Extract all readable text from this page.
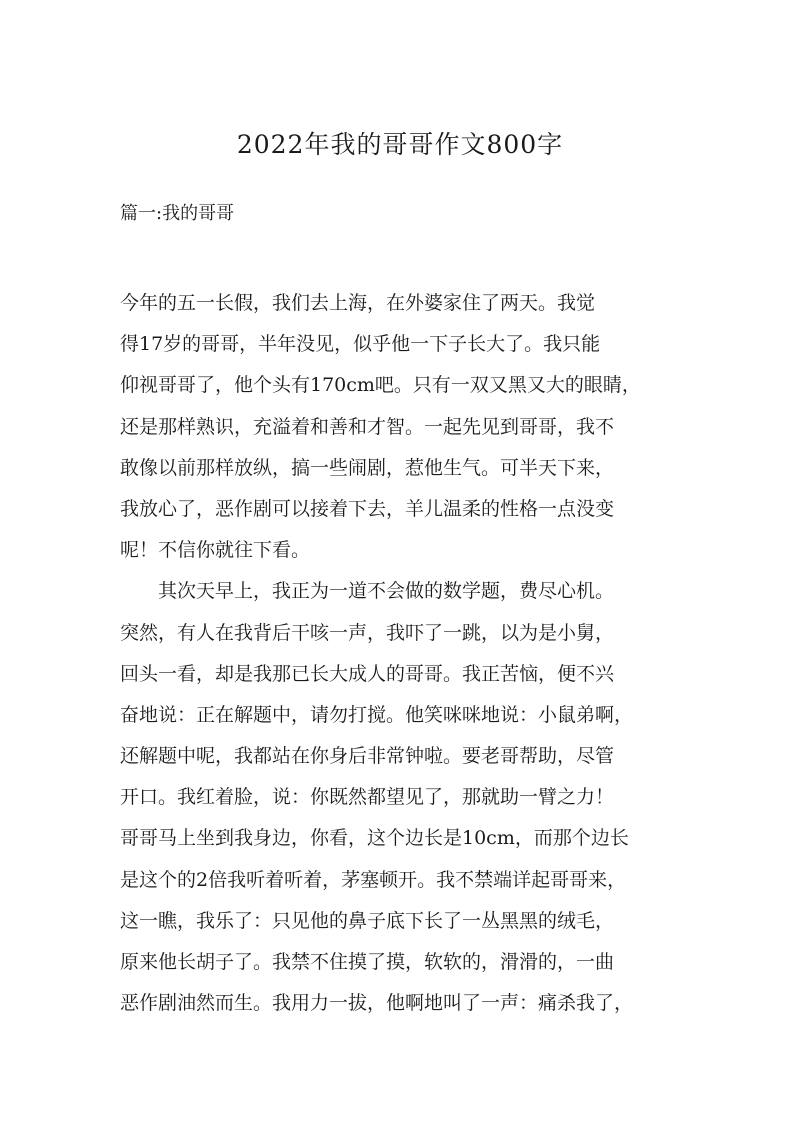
2022年我的哥哥作文800字
篇一:我的哥哥
今年的五一长假，我们去上海，在外婆家住了两天。我觉
得17岁的哥哥，半年没见，似乎他一下子长大了。我只能
仰视哥哥了，他个头有170cm吧。只有一双又黑又大的眼睛，
还是那样熟识，充溢着和善和才智。一起先见到哥哥，我不
敢像以前那样放纵，搞一些闹剧，惹他生气。可半天下来，
我放心了，恶作剧可以接着下去，羊儿温柔的性格一点没变
呢！不信你就往下看。
　　其次天早上，我正为一道不会做的数学题，费尽心机。
突然，有人在我背后干咳一声，我吓了一跳，以为是小舅，
回头一看，却是我那已长大成人的哥哥。我正苦恼，便不兴
奋地说：正在解题中，请勿打搅。他笑咪咪地说：小鼠弟啊，
还解题中呢，我都站在你身后非常钟啦。要老哥帮助，尽管
开口。我红着脸，说：你既然都望见了，那就助一臂之力！
哥哥马上坐到我身边，你看，这个边长是10cm，而那个边长
是这个的2倍我听着听着，茅塞顿开。我不禁端详起哥哥来，
这一瞧，我乐了：只见他的鼻子底下长了一丛黑黑的绒毛，
原来他长胡子了。我禁不住摸了摸，软软的，滑滑的，一曲
恶作剧油然而生。我用力一拔，他啊地叫了一声：痛杀我了，
